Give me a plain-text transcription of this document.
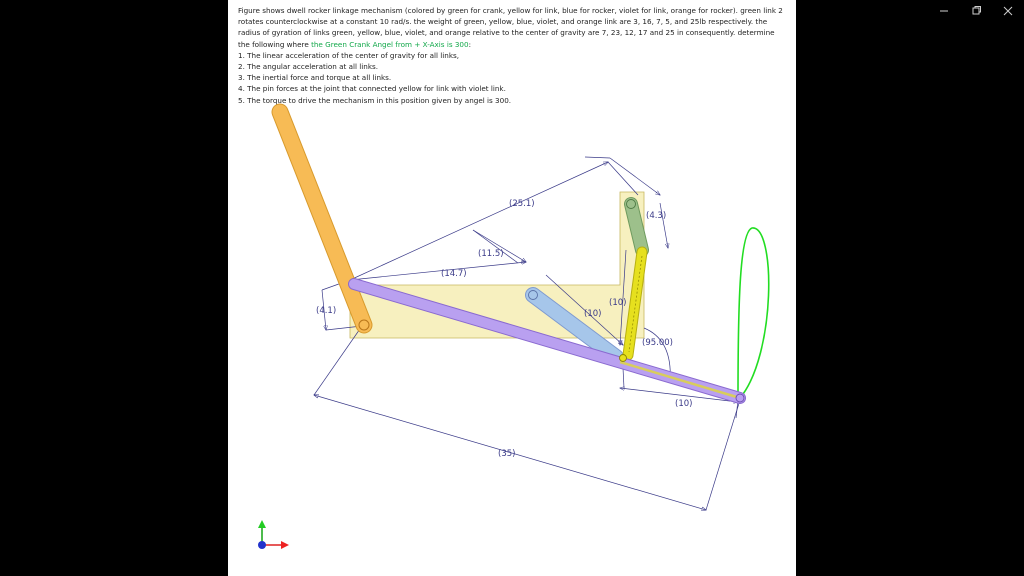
Figure shows dwell rocker linkage mechanism (colored by green for crank, yellow for link, blue for rocker, violet for link, orange for rocker). green link 2 rotates counterclockwise at a constant 10 rad/s. the weight of green, yellow, blue, violet, and orange link are 3, 16, 7, 5, and 25lb respectively. the radius of gyration of links green, yellow, blue, violet, and orange relative to the center of gravity are 7, 23, 12, 17 and 25 in consequently. determine the following where the Green Crank Angel from + X-Axis is 300:

1. The linear acceleration of the center of gravity for all links,
2. The angular acceleration at all links.
3. The inertial force and torque at all links.
4. The pin forces at the joint that connected yellow for link with violet link.
5. The torque to drive the mechanism in this position given by angel is 300.
(25.1)
(4.3)
(11.5)
(14.7)
(10)
(10)
(4.1)
(95.00)
(10)
(35)
